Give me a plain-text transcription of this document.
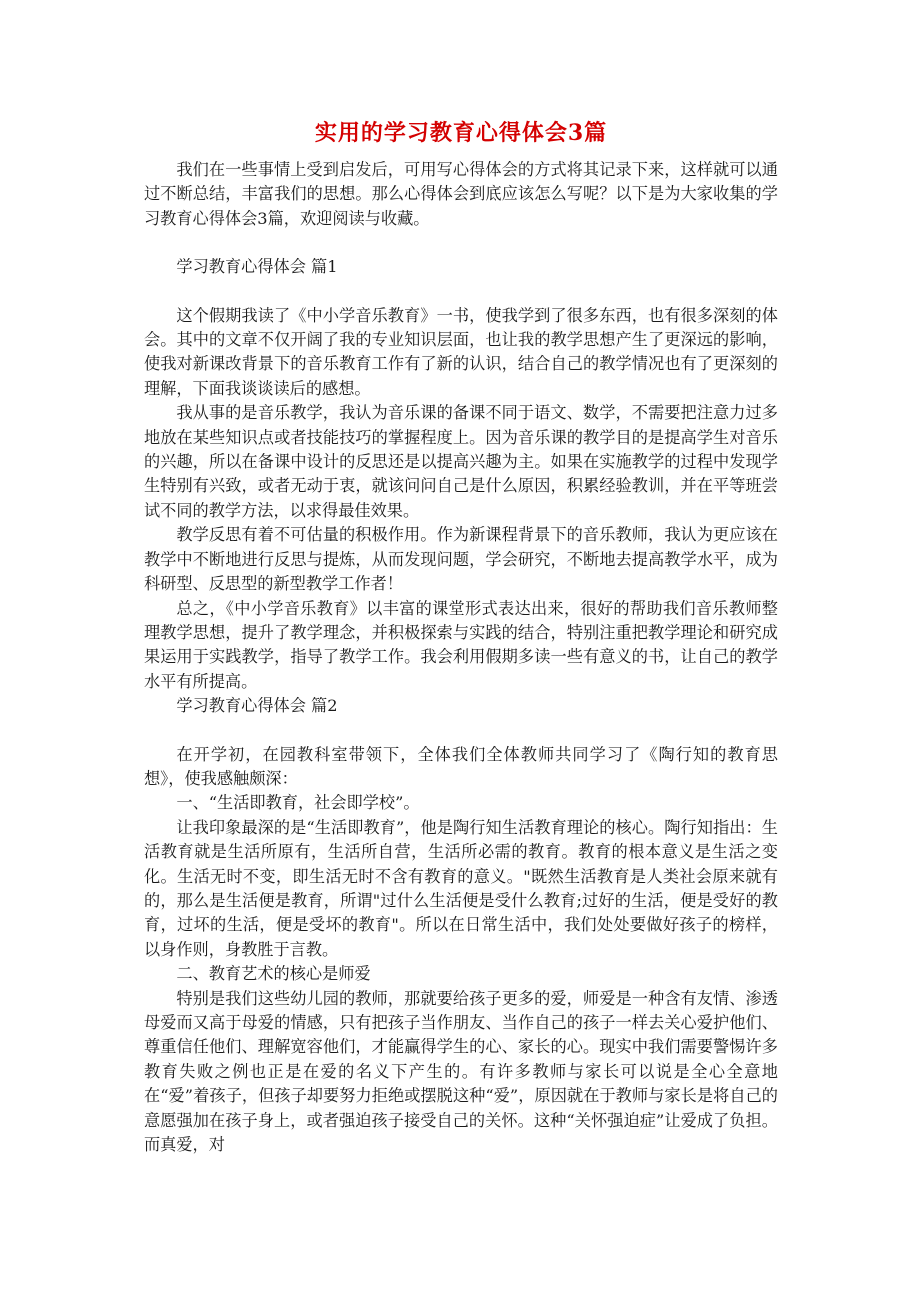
实用的学习教育心得体会3篇

我们在一些事情上受到启发后，可用写心得体会的方式将其记录下来，这样就可以通过不断总结，丰富我们的思想。那么心得体会到底应该怎么写呢？以下是为大家收集的学习教育心得体会3篇，欢迎阅读与收藏。

学习教育心得体会 篇1

这个假期我读了《中小学音乐教育》一书，使我学到了很多东西，也有很多深刻的体会。其中的文章不仅开阔了我的专业知识层面，也让我的教学思想产生了更深远的影响，使我对新课改背景下的音乐教育工作有了新的认识，结合自己的教学情况也有了更深刻的理解，下面我谈谈读后的感想。

我从事的是音乐教学，我认为音乐课的备课不同于语文、数学，不需要把注意力过多地放在某些知识点或者技能技巧的掌握程度上。因为音乐课的教学目的是提高学生对音乐的兴趣，所以在备课中设计的反思还是以提高兴趣为主。如果在实施教学的过程中发现学生特别有兴致，或者无动于衷，就该问问自己是什么原因，积累经验教训，并在平等班尝试不同的教学方法，以求得最佳效果。

教学反思有着不可估量的积极作用。作为新课程背景下的音乐教师，我认为更应该在教学中不断地进行反思与提炼，从而发现问题，学会研究，不断地去提高教学水平，成为科研型、反思型的新型教学工作者！

总之，《中小学音乐教育》以丰富的课堂形式表达出来，很好的帮助我们音乐教师整理教学思想，提升了教学理念，并积极探索与实践的结合，特别注重把教学理论和研究成果运用于实践教学，指导了教学工作。我会利用假期多读一些有意义的书，让自己的教学水平有所提高。

学习教育心得体会 篇2

在开学初，在园教科室带领下，全体我们全体教师共同学习了《陶行知的教育思想》，使我感触颇深：

一、“生活即教育，社会即学校”。

让我印象最深的是“生活即教育”，他是陶行知生活教育理论的核心。陶行知指出：生活教育就是生活所原有，生活所自营，生活所必需的教育。教育的根本意义是生活之变化。生活无时不变，即生活无时不含有教育的意义。"既然生活教育是人类社会原来就有的，那么是生活便是教育，所谓"过什么生活便是受什么教育;过好的生活，便是受好的教育，过坏的生活，便是受坏的教育"。所以在日常生活中，我们处处要做好孩子的榜样，以身作则，身教胜于言教。

二、教育艺术的核心是师爱

特别是我们这些幼儿园的教师，那就要给孩子更多的爱，师爱是一种含有友情、渗透母爱而又高于母爱的情感，只有把孩子当作朋友、当作自己的孩子一样去关心爱护他们、尊重信任他们、理解宽容他们，才能赢得学生的心、家长的心。现实中我们需要警惕许多教育失败之例也正是在爱的名义下产生的。有许多教师与家长可以说是全心全意地在“爱”着孩子，但孩子却要努力拒绝或摆脱这种“爱”，原因就在于教师与家长是将自己的意愿强加在孩子身上，或者强迫孩子接受自己的关怀。这种“关怀强迫症”让爱成了负担。而真爱，对
